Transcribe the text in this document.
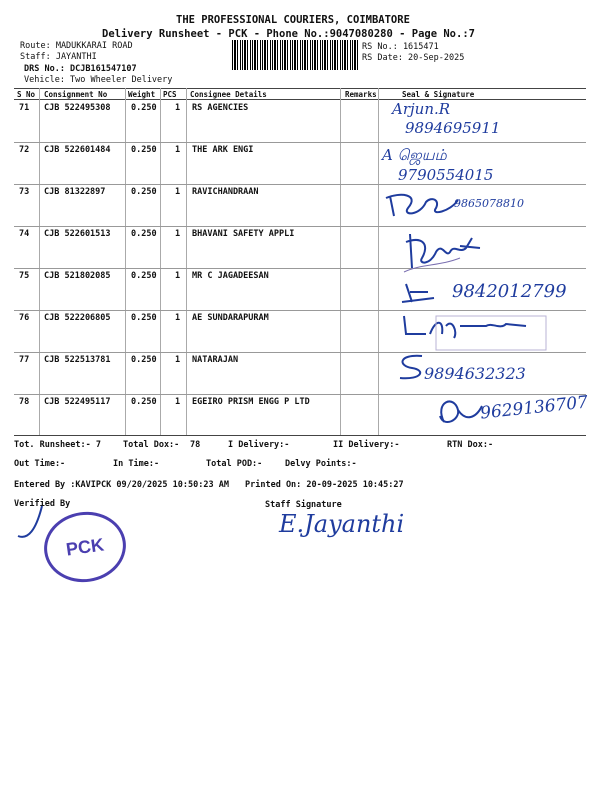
THE PROFESSIONAL COURIERS, COIMBATORE
Delivery Runsheet - PCK - Phone No.:9047080280 - Page No.:7
Route: MADUKKARAI ROAD
Staff: JAYANTHI
DRS No.: DCJB161547107
Vehicle: Two Wheeler Delivery
RS No.: 1615471
RS Date: 20-Sep-2025
S No Consignment No	Weight PCS Consignee Details	Remarks	Seal & Signature
71 CJB 522495308 0.250 1 RS AGENCIES
72 CJB 522601484 0.250 1 THE ARK ENGI
73 CJB 81322897	0.250 1 RAVICHANDRAAN
74 CJB 522601513 0.250 1 BHAVANI SAFETY APPLI
75 CJB 521802085 0.250 1 MR C JAGADEESAN
76 CJB 522206805 0.250 1 AE SUNDARAPURAM
77 CJB 522513781 0.250 1 NATARAJAN
78 CJB 522495117 0.250 1 EGEIRO PRISM ENGG P LTD
Arjun.R
9894695911
A ஜெயம்
9790554015
9865078810
9842012799
9894632323
9629136707
Tot. Runsheet:- 7	Total Dox:- 78	I Delivery:-	II Delivery:-	RTN Dox:-
Out Time:-	In Time:-	Total POD:-	Delvy Points:-
Entered By :KAVIPCK 09/20/2025 10:50:23 AM Printed On: 20-09-2025 10:45:27
Verified By	Staff Signature
PCK
E.Jayanthi
